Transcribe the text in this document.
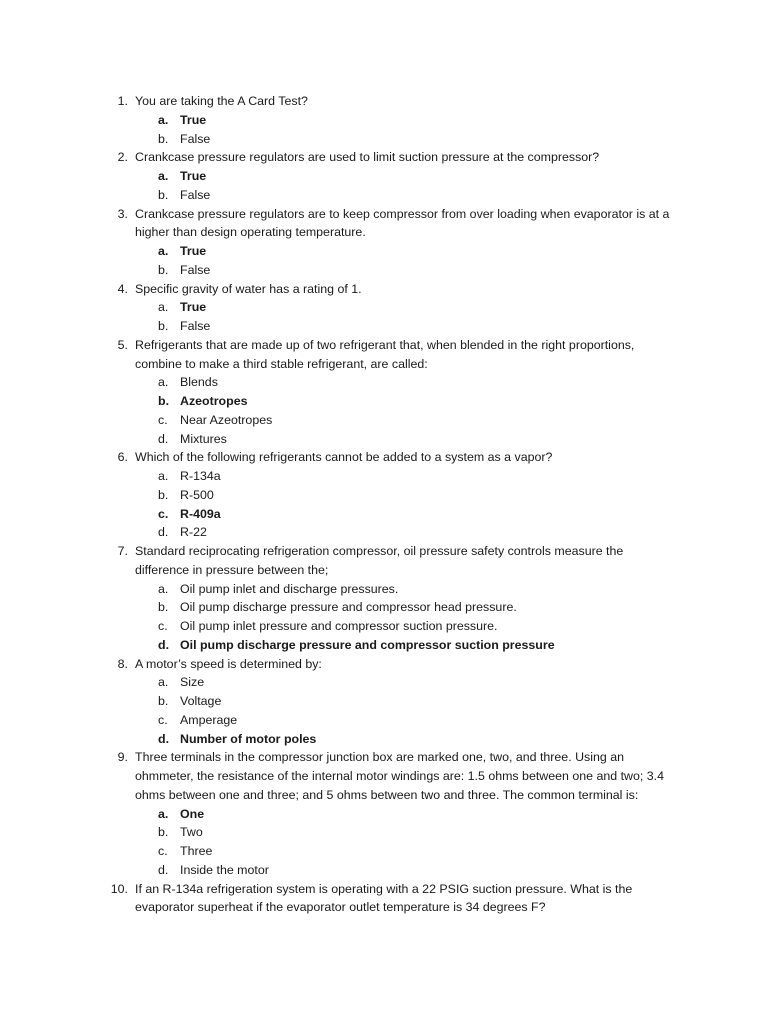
1. You are taking the A Card Test?
a. True
b. False
2. Crankcase pressure regulators are used to limit suction pressure at the compressor?
a. True
b. False
3. Crankcase pressure regulators are to keep compressor from over loading when evaporator is at a higher than design operating temperature.
a. True
b. False
4. Specific gravity of water has a rating of 1.
a. True
b. False
5. Refrigerants that are made up of two refrigerant that, when blended in the right proportions, combine to make a third stable refrigerant, are called:
a. Blends
b. Azeotropes
c. Near Azeotropes
d. Mixtures
6. Which of the following refrigerants cannot be added to a system as a vapor?
a. R-134a
b. R-500
c. R-409a
d. R-22
7. Standard reciprocating refrigeration compressor, oil pressure safety controls measure the difference in pressure between the;
a. Oil pump inlet and discharge pressures.
b. Oil pump discharge pressure and compressor head pressure.
c. Oil pump inlet pressure and compressor suction pressure.
d. Oil pump discharge pressure and compressor suction pressure
8. A motor’s speed is determined by:
a. Size
b. Voltage
c. Amperage
d. Number of motor poles
9. Three terminals in the compressor junction box are marked one, two, and three. Using an ohmmeter, the resistance of the internal motor windings are: 1.5 ohms between one and two; 3.4 ohms between one and three; and 5 ohms between two and three. The common terminal is:
a. One
b. Two
c. Three
d. Inside the motor
10. If an R-134a refrigeration system is operating with a 22 PSIG suction pressure. What is the evaporator superheat if the evaporator outlet temperature is 34 degrees F?
